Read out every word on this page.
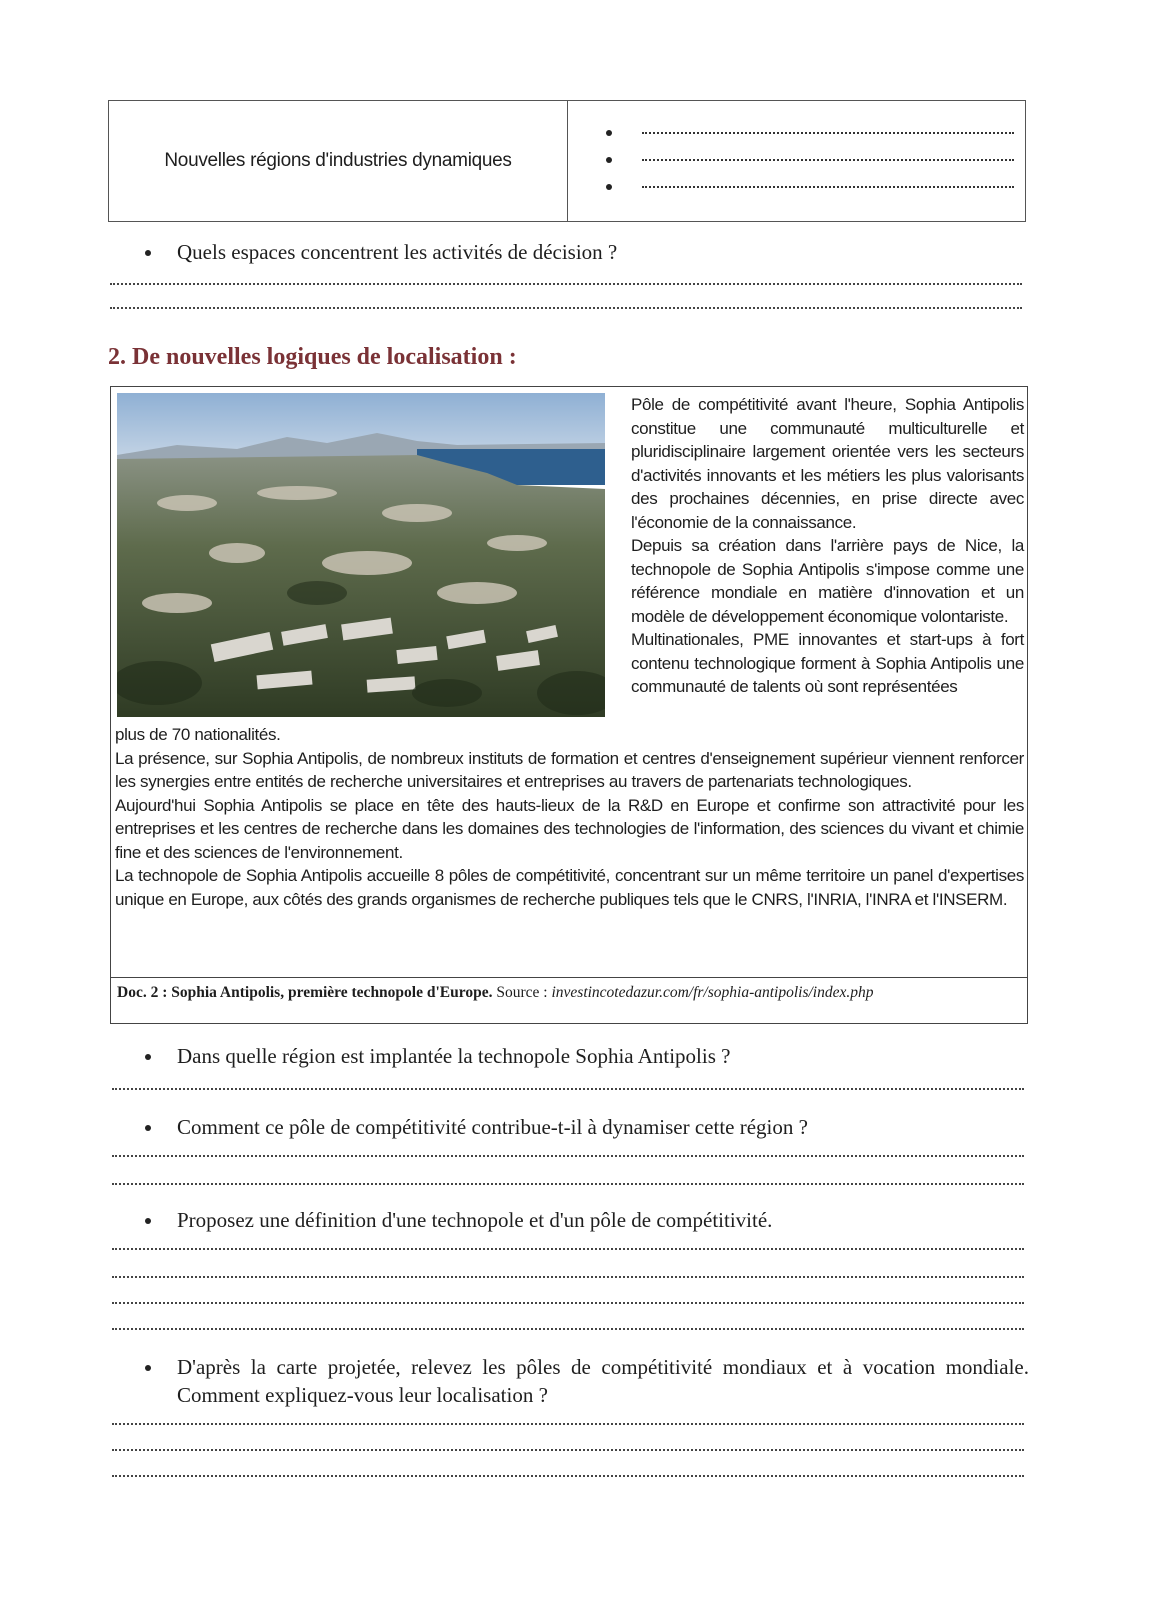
Nouvelles régions d'industries dynamiques
Quels espaces concentrent les activités de décision ?
2. De nouvelles logiques de localisation :

Pôle de compétitivité avant l'heure, Sophia Antipolis constitue une communauté multiculturelle et pluridisciplinaire largement orientée vers les secteurs d'activités innovants et les métiers les plus valorisants des prochaines décennies, en prise directe avec l'économie de la connaissance.

Depuis sa création dans l'arrière pays de Nice, la technopole de Sophia Antipolis s'impose comme une référence mondiale en matière d'innovation et un modèle de développement économique volontariste.

Multinationales, PME innovantes et start-ups à fort contenu technologique forment à Sophia Antipolis une communauté de talents où sont représentées

plus de 70 nationalités.

La présence, sur Sophia Antipolis, de nombreux instituts de formation et centres d'enseignement supérieur viennent renforcer les synergies entre entités de recherche universitaires et entreprises au travers de partenariats technologiques.

Aujourd'hui Sophia Antipolis se place en tête des hauts-lieux de la R&D en Europe et confirme son attractivité pour les entreprises et les centres de recherche dans les domaines des technologies de l'information, des sciences du vivant et chimie fine et des sciences de l'environnement.

La technopole de Sophia Antipolis accueille 8 pôles de compétitivité, concentrant sur un même territoire un panel d'expertises unique en Europe, aux côtés des grands organismes de recherche publiques tels que le CNRS, l'INRIA, l'INRA et l'INSERM.

Doc. 2 : Sophia Antipolis, première technopole d'Europe. Source : investincotedazur.com/fr/sophia-antipolis/index.php
Dans quelle région est implantée la technopole Sophia Antipolis ?
Comment ce pôle de compétitivité contribue-t-il à dynamiser cette région ?
Proposez une définition d'une technopole et d'un pôle de compétitivité.
D'après la carte projetée, relevez les pôles de compétitivité mondiaux et à vocation mondiale. Comment expliquez-vous leur localisation ?
